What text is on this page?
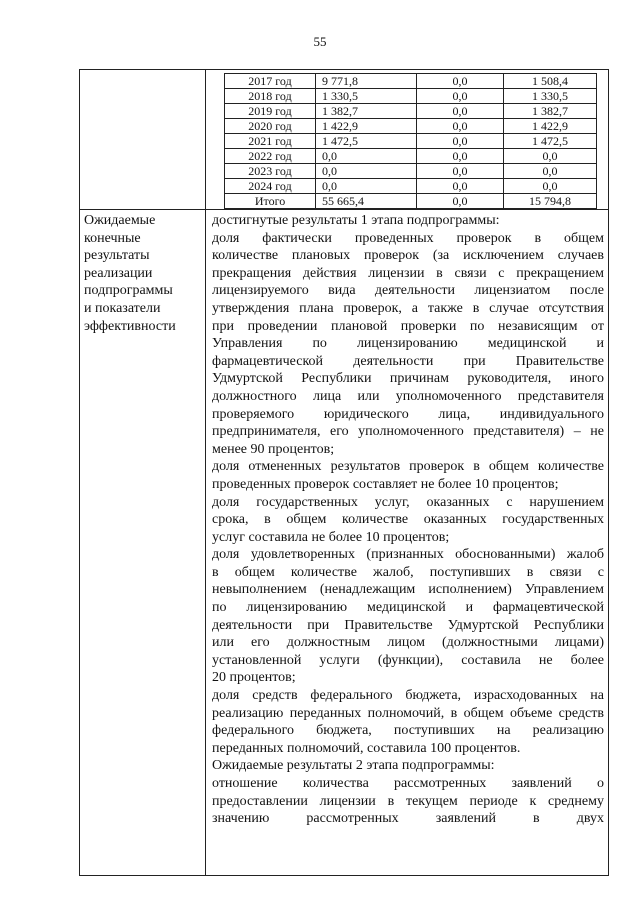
55
2017 год	9 771,8	0,0	1 508,4
2018 год	1 330,5	0,0	1 330,5
2019 год	1 382,7	0,0	1 382,7
2020 год	1 422,9	0,0	1 422,9
2021 год	1 472,5	0,0	1 472,5
2022 год	0,0	0,0	0,0
2023 год	0,0	0,0	0,0
2024 год	0,0	0,0	0,0
Итого	55 665,4	0,0	15 794,8
Ожидаемые
конечные
результаты
реализации
подпрограммы
и показатели
эффективности
достигнутые результаты 1 этапа подпрограммы:
доля фактически проведенных проверок в общем
количестве плановых проверок (за исключением случаев
прекращения действия лицензии в связи с прекращением
лицензируемого вида деятельности лицензиатом после
утверждения плана проверок, а также в случае отсутствия
при проведении плановой проверки по независящим от
Управления по лицензированию медицинской и
фармацевтической деятельности при Правительстве
Удмуртской Республики причинам руководителя, иного
должностного лица или уполномоченного представителя
проверяемого юридического лица, индивидуального
предпринимателя, его уполномоченного представителя) – не
менее 90 процентов;
доля отмененных результатов проверок в общем количестве
проведенных проверок составляет не более 10 процентов;
доля государственных услуг, оказанных с нарушением
срока, в общем количестве оказанных государственных
услуг составила не более 10 процентов;
доля удовлетворенных (признанных обоснованными) жалоб
в общем количестве жалоб, поступивших в связи с
невыполнением (ненадлежащим исполнением) Управлением
по лицензированию медицинской и фармацевтической
деятельности при Правительстве Удмуртской Республики
или его должностным лицом (должностными лицами)
установленной услуги (функции), составила не более
20 процентов;
доля средств федерального бюджета, израсходованных на
реализацию переданных полномочий, в общем объеме средств
федерального бюджета, поступивших на реализацию
переданных полномочий, составила 100 процентов.
Ожидаемые результаты 2 этапа подпрограммы:
отношение количества рассмотренных заявлений о
предоставлении лицензии в текущем периоде к среднему
значению рассмотренных заявлений в двух
